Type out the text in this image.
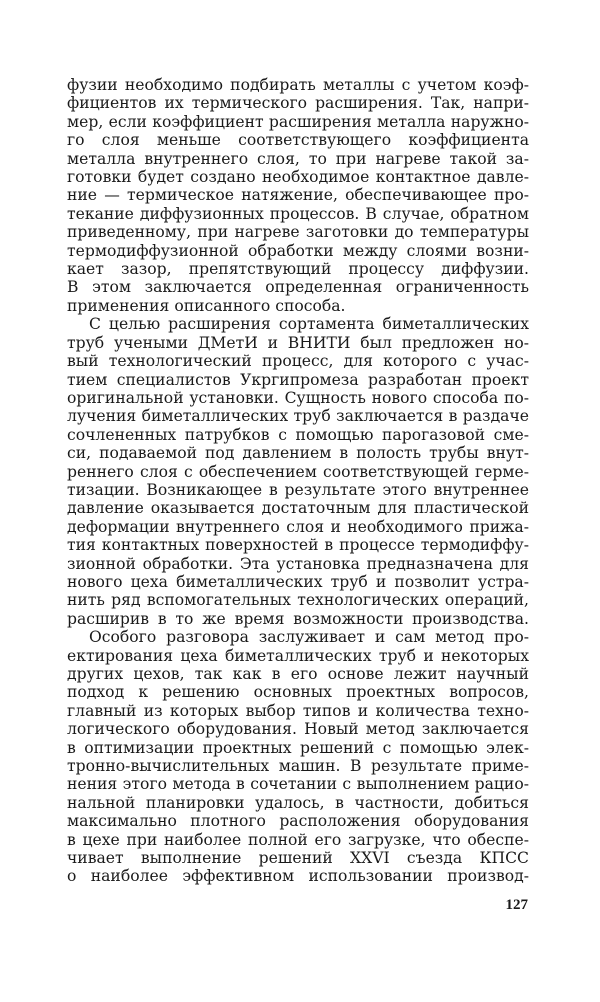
фузии необходимо подбирать металлы с учетом коэф-
фициентов их термического расширения. Так, напри-
мер, если коэффициент расширения металла наружно-
го слоя меньше соответствующего коэффициента
металла внутреннего слоя, то при нагреве такой за-
готовки будет создано необходимое контактное давле-
ние — термическое натяжение, обеспечивающее про-
текание диффузионных процессов. В случае, обратном
приведенному, при нагреве заготовки до температуры
термодиффузионной обработки между слоями возни-
кает зазор, препятствующий процессу диффузии.
В этом заключается определенная ограниченность
применения описанного способа.
С целью расширения сортамента биметаллических
труб учеными ДМетИ и ВНИТИ был предложен но-
вый технологический процесс, для которого с учас-
тием специалистов Укргипромеза разработан проект
оригинальной установки. Сущность нового способа по-
лучения биметаллических труб заключается в раздаче
сочлененных патрубков с помощью парогазовой сме-
си, подаваемой под давлением в полость трубы внут-
реннего слоя с обеспечением соответствующей герме-
тизации. Возникающее в результате этого внутреннее
давление оказывается достаточным для пластической
деформации внутреннего слоя и необходимого прижа-
тия контактных поверхностей в процессе термодиффу-
зионной обработки. Эта установка предназначена для
нового цеха биметаллических труб и позволит устра-
нить ряд вспомогательных технологических операций,
расширив в то же время возможности производства.
Особого разговора заслуживает и сам метод про-
ектирования цеха биметаллических труб и некоторых
других цехов, так как в его основе лежит научный
подход к решению основных проектных вопросов,
главный из которых выбор типов и количества техно-
логического оборудования. Новый метод заключается
в оптимизации проектных решений с помощью элек-
тронно-вычислительных машин. В результате приме-
нения этого метода в сочетании с выполнением рацио-
нальной планировки удалось, в частности, добиться
максимально плотного расположения оборудования
в цехе при наиболее полной его загрузке, что обеспе-
чивает выполнение решений XXVI съезда КПСС
о наиболее эффективном использовании производ-
127
